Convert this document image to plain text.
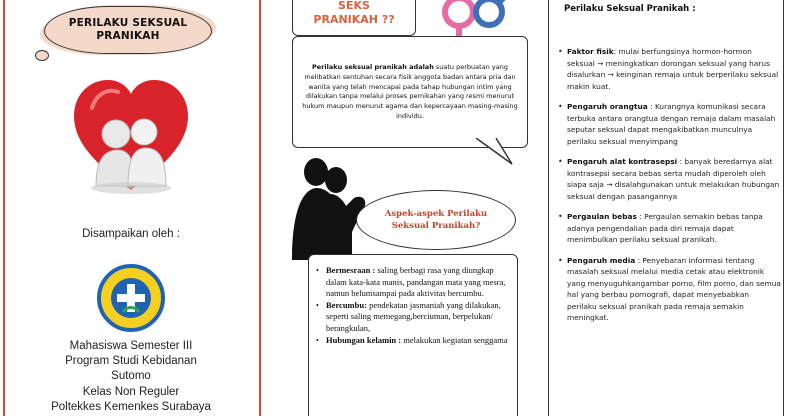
PERILAKU SEKSUAL
PRANIKAH
Disampaikan oleh :
Mahasiswa Semester III
Program Studi Kebidanan
Sutomo
Kelas Non Reguler
Poltekkes Kemenkes Surabaya
SEKS
PRANIKAH ??

Perilaku seksual pranikah adalah suatu perbuatan yang melibatkan sentuhan secara fisik anggota badan antara pria dan wanita yang telah mencapai pada tahap hubungan intim yang dilakukan tanpa melalui proses pernikahan yang resmi menurut hukum maupun menurut agama dan kepercayaan masing-masing individu.

Aspek-aspek Perilaku
Seksual Pranikah?
• Bermesraan : saling berbagi rasa yang diungkap dalam kata-kata manis, pandangan mata yang mesra, namun belumsampai pada aktivitas bercumbu.
• Bercumbu: pendekatan jasmaniah yang dilakukan, seperti saling memegang,berciuman, berpelukan/ berangkulan,
• Hubungan kelamin : melakukan kegiatan senggama
Perilaku Seksual Pranikah :
• Faktor fisik: mulai berfungsinya hormon-hormon seksual → meningkatkan dorongan seksual yang harus disalurkan → keinginan remaja untuk berperilaku seksual makin kuat.
• Pengaruh orangtua : Kurangnya komunikasi secara terbuka antara orangtua dengan remaja dalam masalah seputar seksual dapat mengakibatkan munculnya perilaku seksual menyimpang
• Pengaruh alat kontrasepsi : banyak beredarnya alat kontrasepsi secara bebas serta mudah diperoleh oleh siapa saja → disalahgunakan untuk melakukan hubungan seksual dengan pasangannya
• Pergaulan bebas : Pergaulan semakin bebas tanpa adanya pengendalian pada diri remaja dapat menimbulkan perilaku seksual pranikah.
• Pengaruh media : Penyebaran informasi tentang masalah seksual melalui media cetak atau elektronik yang menyuguhkangambar porno, film porno, dan semua hal yang berbau pornografi, dapat menyebabkan perilaku seksual pranikah pada remaja semakin meningkat.
